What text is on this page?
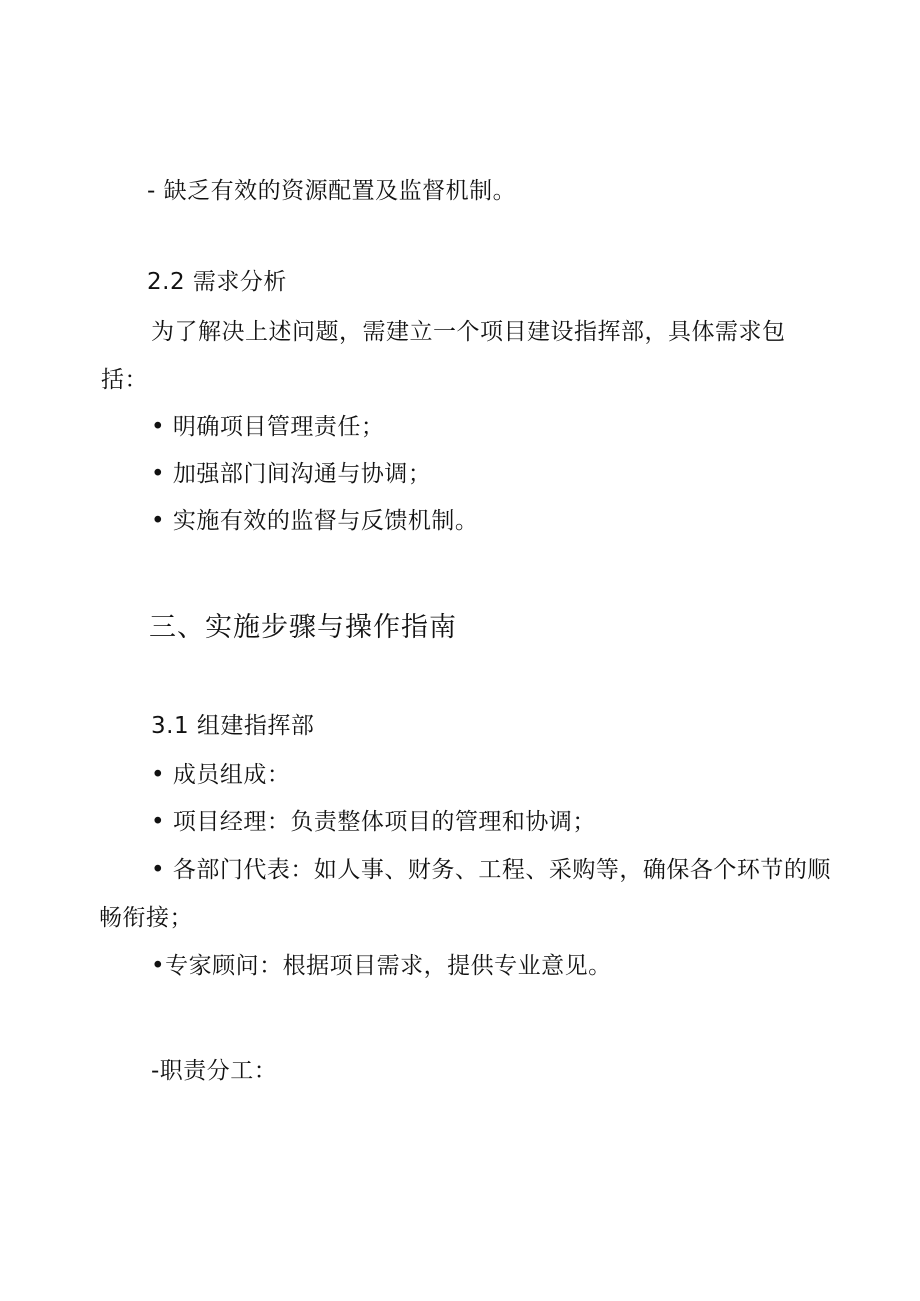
- 缺乏有效的资源配置及监督机制。
2.2 需求分析
为了解决上述问题，需建立一个项目建设指挥部，具体需求包
括：
• 明确项目管理责任；
• 加强部门间沟通与协调；
• 实施有效的监督与反馈机制。
三、实施步骤与操作指南
3.1 组建指挥部
• 成员组成：
• 项目经理：负责整体项目的管理和协调；
• 各部门代表：如人事、财务、工程、采购等，确保各个环节的顺
畅衔接；
•专家顾问：根据项目需求，提供专业意见。
-职责分工：
